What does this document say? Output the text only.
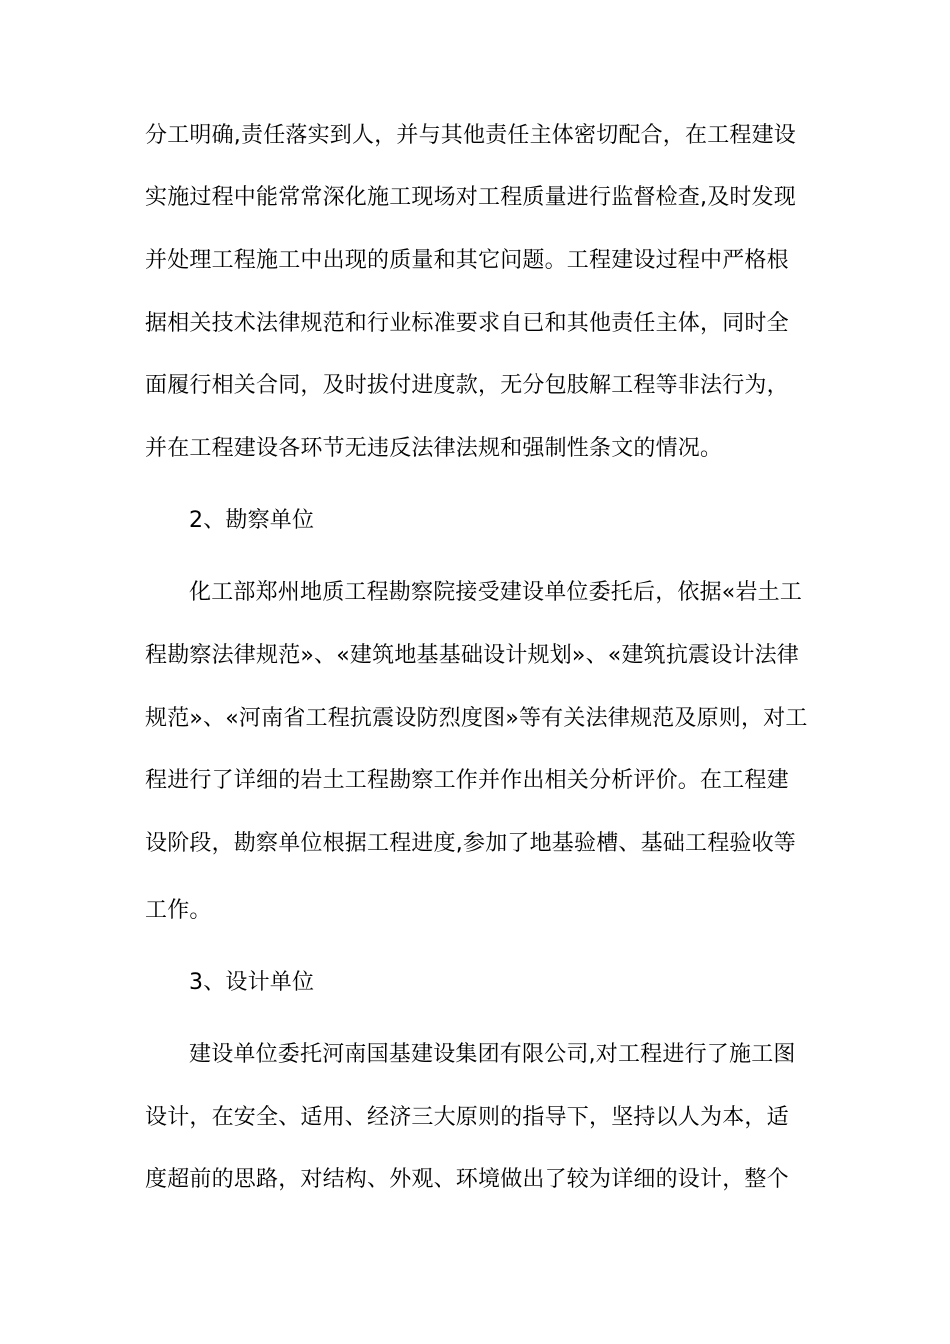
分工明确,责任落实到人，并与其他责任主体密切配合，在工程建设
实施过程中能常常深化施工现场对工程质量进行监督检查,及时发现
并处理工程施工中出现的质量和其它问题。工程建设过程中严格根
据相关技术法律规范和行业标准要求自已和其他责任主体，同时全
面履行相关合同，及时拔付进度款，无分包肢解工程等非法行为，
并在工程建设各环节无违反法律法规和强制性条文的情况。
2、勘察单位
化工部郑州地质工程勘察院接受建设单位委托后，依据«岩土工
程勘察法律规范»、«建筑地基基础设计规划»、«建筑抗震设计法律
规范»、«河南省工程抗震设防烈度图»等有关法律规范及原则，对工
程进行了详细的岩土工程勘察工作并作出相关分析评价。在工程建
设阶段，勘察单位根据工程进度,参加了地基验槽、基础工程验收等
工作。
3、设计单位
建设单位委托河南国基建设集团有限公司,对工程进行了施工图
设计，在安全、适用、经济三大原则的指导下，坚持以人为本，适
度超前的思路，对结构、外观、环境做出了较为详细的设计，整个
